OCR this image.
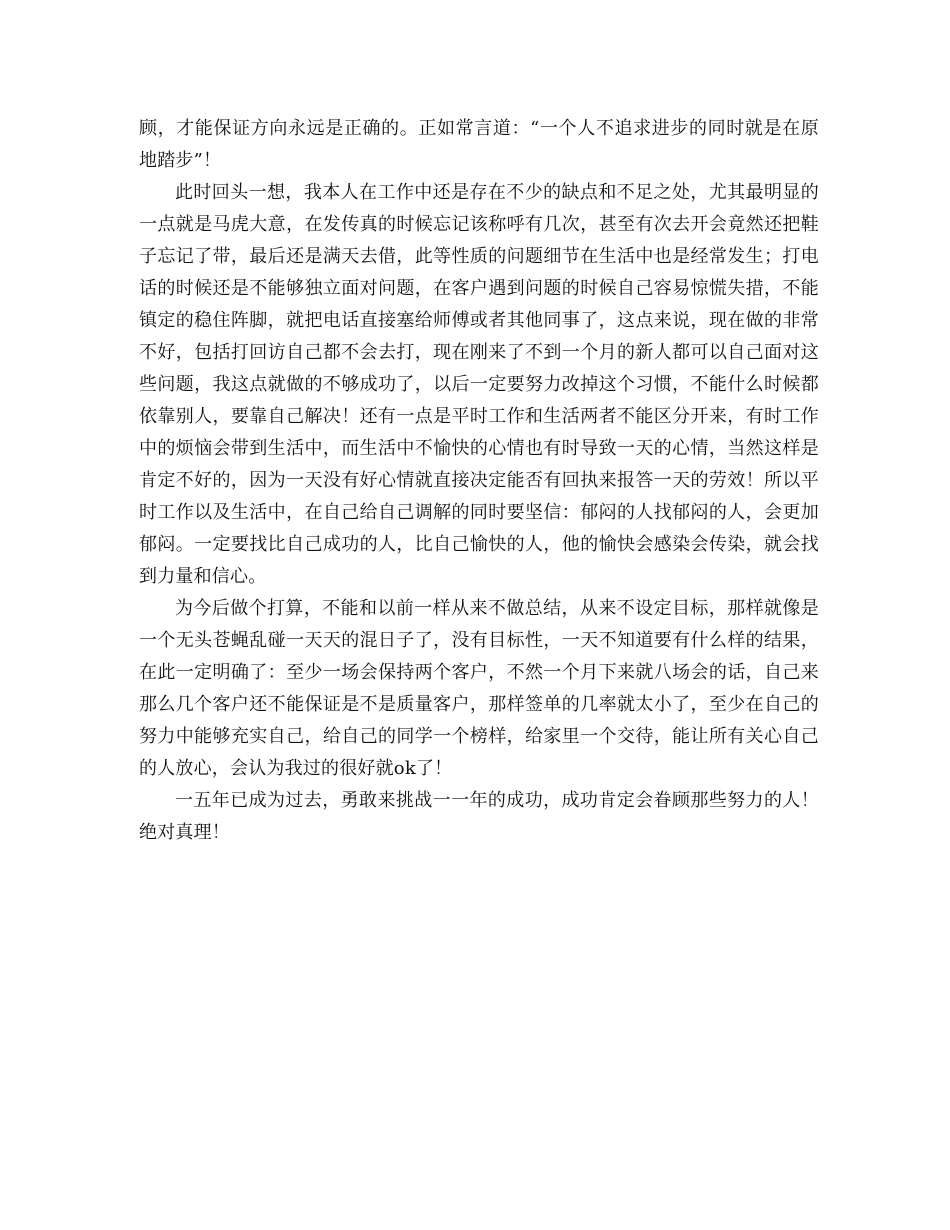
顾，才能保证方向永远是正确的。正如常言道：“一个人不追求进步的同时就是在原地踏步”！

此时回头一想，我本人在工作中还是存在不少的缺点和不足之处，尤其最明显的一点就是马虎大意，在发传真的时候忘记该称呼有几次，甚至有次去开会竟然还把鞋子忘记了带，最后还是满天去借，此等性质的问题细节在生活中也是经常发生；打电话的时候还是不能够独立面对问题，在客户遇到问题的时候自己容易惊慌失措，不能镇定的稳住阵脚，就把电话直接塞给师傅或者其他同事了，这点来说，现在做的非常不好，包括打回访自己都不会去打，现在刚来了不到一个月的新人都可以自己面对这些问题，我这点就做的不够成功了，以后一定要努力改掉这个习惯，不能什么时候都依靠别人，要靠自己解决！还有一点是平时工作和生活两者不能区分开来，有时工作中的烦恼会带到生活中，而生活中不愉快的心情也有时导致一天的心情，当然这样是肯定不好的，因为一天没有好心情就直接决定能否有回执来报答一天的劳效！所以平时工作以及生活中，在自己给自己调解的同时要坚信：郁闷的人找郁闷的人，会更加郁闷。一定要找比自己成功的人，比自己愉快的人，他的愉快会感染会传染，就会找到力量和信心。

为今后做个打算，不能和以前一样从来不做总结，从来不设定目标，那样就像是一个无头苍蝇乱碰一天天的混日子了，没有目标性，一天不知道要有什么样的结果，在此一定明确了：至少一场会保持两个客户，不然一个月下来就八场会的话，自己来那么几个客户还不能保证是不是质量客户，那样签单的几率就太小了，至少在自己的努力中能够充实自己，给自己的同学一个榜样，给家里一个交待，能让所有关心自己的人放心，会认为我过的很好就ok了！

一五年已成为过去，勇敢来挑战一一年的成功，成功肯定会眷顾那些努力的人！绝对真理！
